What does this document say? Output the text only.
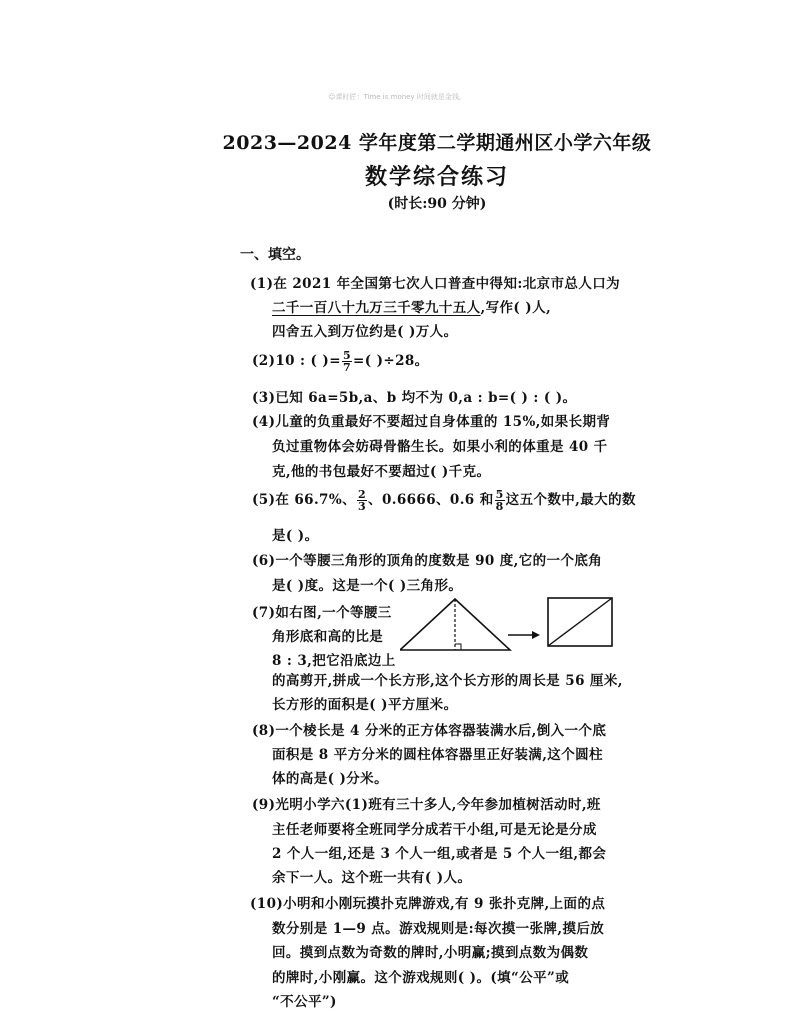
☺课时匠：Time is money 时间就是金钱。
2023—2024 学年度第二学期通州区小学六年级
数学综合练习
(时长:90 分钟)
一、填空。
(1)在 2021 年全国第七次人口普查中得知:北京市总人口为
二千一百八十九万三千零九十五人,写作( )人,
四舍五入到万位约是( )万人。
(2)10 : ( )= $\frac{5}{7}$ =( )÷28。
(3)已知 6a=5b,a、b 均不为 0,a : b=( ) : ( )。
(4)儿童的负重最好不要超过自身体重的 15%,如果长期背
负过重物体会妨碍骨骼生长。如果小利的体重是 40 千
克,他的书包最好不要超过( )千克。
(5)在 66.7%、 $\frac{2}{3}$ 、0.6666、0.6 和 $\frac{5}{8}$ 这五个数中,最大的数
是( )。
(6)一个等腰三角形的顶角的度数是 90 度,它的一个底角
是( )度。这是一个( )三角形。
(7)如右图,一个等腰三
角形底和高的比是
8 : 3,把它沿底边上
的高剪开,拼成一个长方形,这个长方形的周长是 56 厘米,
长方形的面积是( )平方厘米。
(8)一个棱长是 4 分米的正方体容器装满水后,倒入一个底
面积是 8 平方分米的圆柱体容器里正好装满,这个圆柱
体的高是( )分米。
(9)光明小学六(1)班有三十多人,今年参加植树活动时,班
主任老师要将全班同学分成若干小组,可是无论是分成
2 个人一组,还是 3 个人一组,或者是 5 个人一组,都会
余下一人。这个班一共有( )人。
(10)小明和小刚玩摸扑克牌游戏,有 9 张扑克牌,上面的点
数分别是 1—9 点。游戏规则是:每次摸一张牌,摸后放
回。摸到点数为奇数的牌时,小明赢;摸到点数为偶数
的牌时,小刚赢。这个游戏规则( )。(填“公平”或
“不公平”)
